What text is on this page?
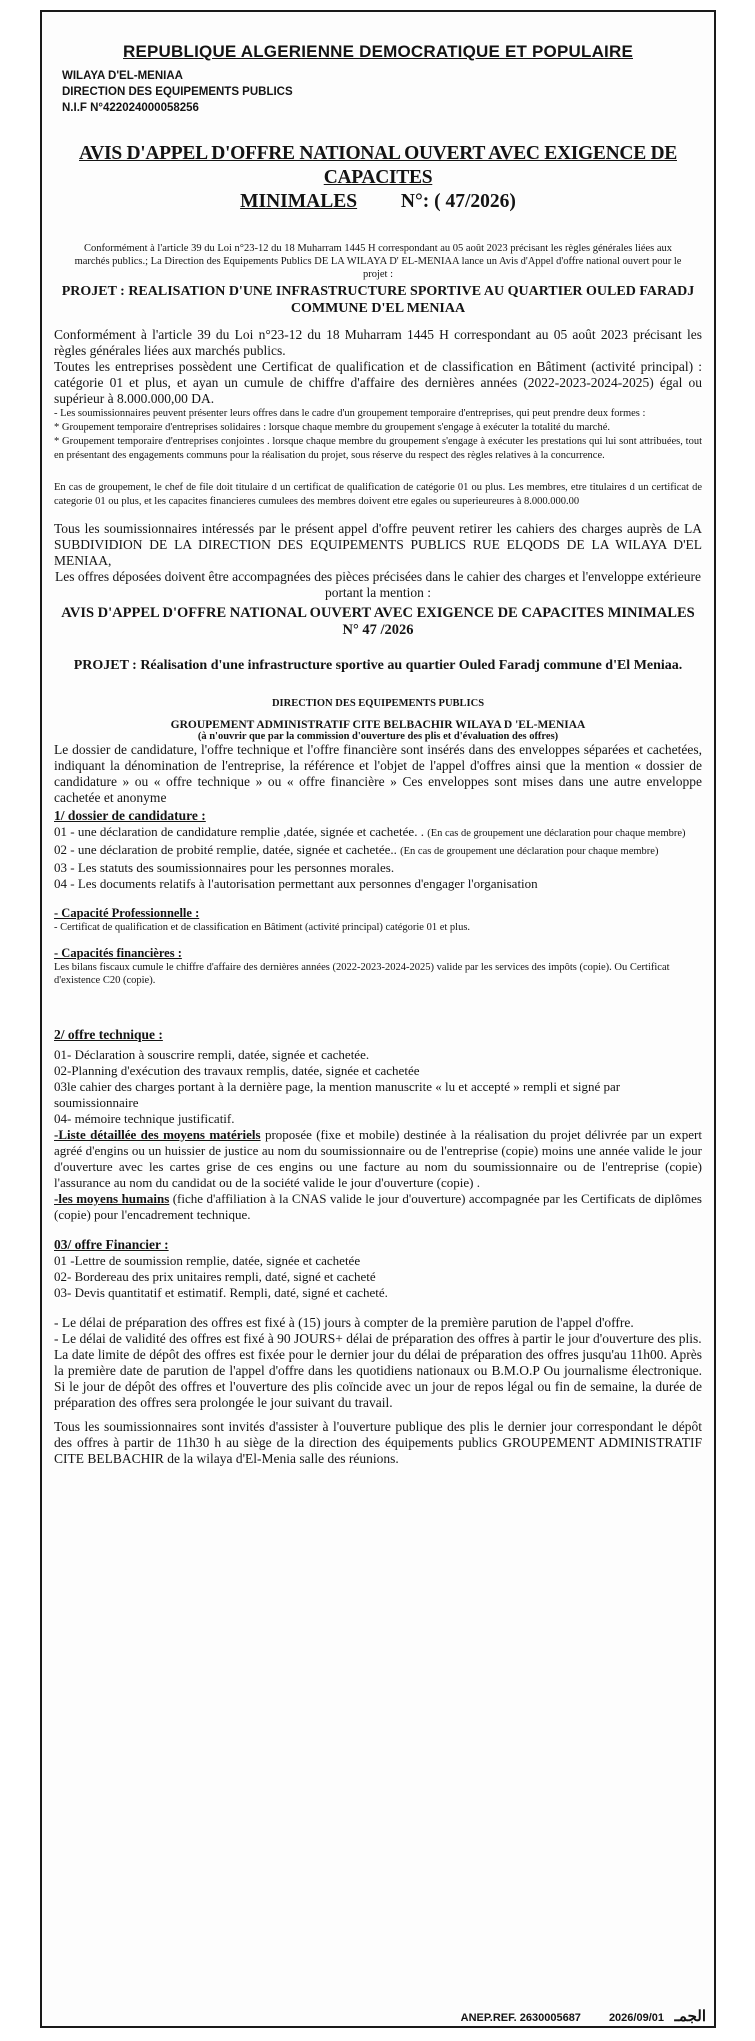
REPUBLIQUE ALGERIENNE DEMOCRATIQUE ET POPULAIRE
WILAYA D'EL-MENIAA
DIRECTION DES EQUIPEMENTS PUBLICS
N.I.F N°422024000058256
AVIS D'APPEL D'OFFRE NATIONAL OUVERT AVEC EXIGENCE DE CAPACITES
MINIMALES N°: ( 47/2026)
Conformément à l'article 39 du Loi n°23-12 du 18 Muharram 1445 H correspondant au 05 août 2023 précisant les règles générales liées aux marchés publics.; La Direction des Equipements Publics DE LA WILAYA D' EL-MENIAA lance un Avis d'Appel d'offre national ouvert pour le projet :
PROJET : REALISATION D'UNE INFRASTRUCTURE SPORTIVE AU QUARTIER OULED FARADJ COMMUNE D'EL MENIAA
Conformément à l'article 39 du Loi n°23-12 du 18 Muharram 1445 H correspondant au 05 août 2023 précisant les règles générales liées aux marchés publics.
Toutes les entreprises possèdent une Certificat de qualification et de classification en Bâtiment (activité principal) : catégorie 01 et plus, et ayan un cumule de chiffre d'affaire des dernières années (2022-2023-2024-2025) égal ou supérieur à 8.000.000,00 DA.
- Les soumissionnaires peuvent présenter leurs offres dans le cadre d'un groupement temporaire d'entreprises, qui peut prendre deux formes :
* Groupement temporaire d'entreprises solidaires : lorsque chaque membre du groupement s'engage à exécuter la totalité du marché.
* Groupement temporaire d'entreprises conjointes . lorsque chaque membre du groupement s'engage à exécuter les prestations qui lui sont attribuées, tout en présentant des engagements communs pour la réalisation du projet, sous réserve du respect des règles relatives à la concurrence.
En cas de groupement, le chef de file doit titulaire d un certificat de qualification de catégorie 01 ou plus. Les membres, etre titulaires d un certificat de categorie 01 ou plus, et les capacites financieres cumulees des membres doivent etre egales ou superieureures à 8.000.000.00
Tous les soumissionnaires intéressés par le présent appel d'offre peuvent retirer les cahiers des charges auprès de LA SUBDIVIDION DE LA DIRECTION DES EQUIPEMENTS PUBLICS RUE ELQODS DE LA WILAYA D'EL MENIAA,
Les offres déposées doivent être accompagnées des pièces précisées dans le cahier des charges et l'enveloppe extérieure portant la mention :
AVIS D'APPEL D'OFFRE NATIONAL OUVERT AVEC EXIGENCE DE CAPACITES MINIMALES N° 47 /2026
PROJET : Réalisation d'une infrastructure sportive au quartier Ouled Faradj commune d'El Meniaa.
DIRECTION DES EQUIPEMENTS PUBLICS
GROUPEMENT ADMINISTRATIF CITE BELBACHIR WILAYA D 'EL-MENIAA
(à n'ouvrir que par la commission d'ouverture des plis et d'évaluation des offres)
Le dossier de candidature, l'offre technique et l'offre financière sont insérés dans des enveloppes séparées et cachetées, indiquant la dénomination de l'entreprise, la référence et l'objet de l'appel d'offres ainsi que la mention « dossier de candidature » ou « offre technique » ou « offre financière » Ces enveloppes sont mises dans une autre enveloppe cachetée et anonyme
1/ dossier de candidature :
01 - une déclaration de candidature remplie ,datée, signée et cachetée. . (En cas de groupement une déclaration pour chaque membre)
02 - une déclaration de probité remplie, datée, signée et cachetée.. (En cas de groupement une déclaration pour chaque membre)
03 - Les statuts des soumissionnaires pour les personnes morales.
04 - Les documents relatifs à l'autorisation permettant aux personnes d'engager l'organisation
- Capacité Professionnelle :
- Certificat de qualification et de classification en Bâtiment (activité principal) catégorie 01 et plus.
- Capacités financières :
Les bilans fiscaux cumule le chiffre d'affaire des dernières années (2022-2023-2024-2025) valide par les services des impôts (copie). Ou Certificat d'existence C20 (copie).
2/ offre technique :
01- Déclaration à souscrire rempli, datée, signée et cachetée.
02-Planning d'exécution des travaux remplis, datée, signée et cachetée
03le cahier des charges portant à la dernière page, la mention manuscrite « lu et accepté » rempli et signé par soumissionnaire
04- mémoire technique justificatif.
-Liste détaillée des moyens matériels proposée (fixe et mobile) destinée à la réalisation du projet délivrée par un expert agréé d'engins ou un huissier de justice au nom du soumissionnaire ou de l'entreprise (copie) moins une année valide le jour d'ouverture avec les cartes grise de ces engins ou une facture au nom du soumissionnaire ou de l'entreprise (copie) l'assurance au nom du candidat ou de la société valide le jour d'ouverture (copie) .
-les moyens humains (fiche d'affiliation à la CNAS valide le jour d'ouverture) accompagnée par les Certificats de diplômes (copie) pour l'encadrement technique.
03/ offre Financier :
01 -Lettre de soumission remplie, datée, signée et cachetée
02- Bordereau des prix unitaires rempli, daté, signé et cacheté
03- Devis quantitatif et estimatif. Rempli, daté, signé et cacheté.
- Le délai de préparation des offres est fixé à (15) jours à compter de la première parution de l'appel d'offre.
- Le délai de validité des offres est fixé à 90 JOURS+ délai de préparation des offres à partir le jour d'ouverture des plis.
La date limite de dépôt des offres est fixée pour le dernier jour du délai de préparation des offres jusqu'au 11h00. Après la première date de parution de l'appel d'offre dans les quotidiens nationaux ou B.M.O.P Ou journalisme électronique. Si le jour de dépôt des offres et l'ouverture des plis coïncide avec un jour de repos légal ou fin de semaine, la durée de préparation des offres sera prolongée le jour suivant du travail.
Tous les soumissionnaires sont invités d'assister à l'ouverture publique des plis le dernier jour correspondant le dépôt des offres à partir de 11h30 h au siège de la direction des équipements publics GROUPEMENT ADMINISTRATIF CITE BELBACHIR de la wilaya d'El-Menia salle des réunions.
ANEP.REF. 2630005687	2026/09/01 الجمـ
